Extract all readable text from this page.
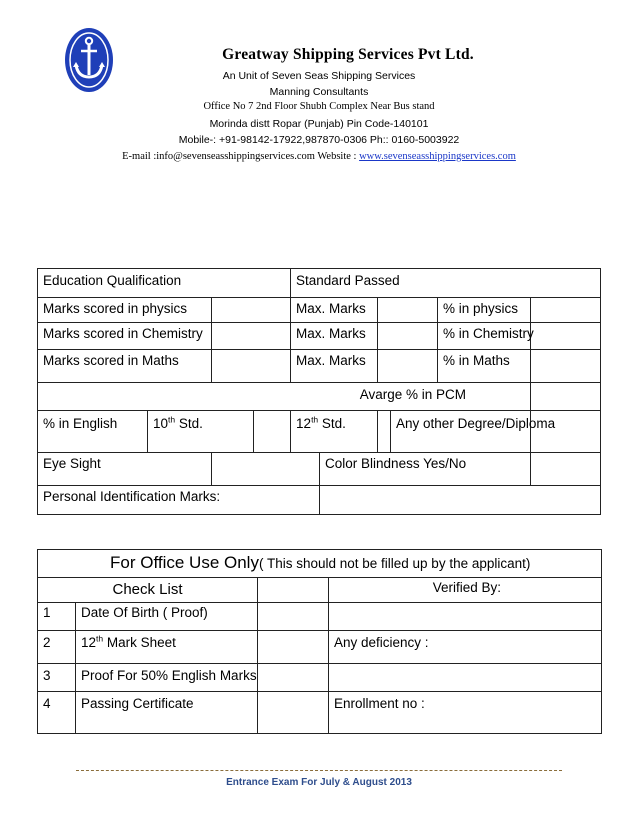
Greatway Shipping Services Pvt Ltd.
An Unit of Seven Seas Shipping Services
Manning Consultants
Office No 7 2nd Floor Shubh Complex Near Bus stand
Morinda distt Ropar (Punjab) Pin Code-140101
Mobile-: +91-98142-17922,987870-0306 Ph:: 0160-5003922
E-mail :info@sevenseasshippingservices.com Website : www.sevenseasshippingservices.com
Education Qualification				Standard Passed					
Marks scored in physics				Max. Marks				% in physics	
Marks scored in Chemistry				Max. Marks				% in Chemistry	
Marks scored in Maths				Max. Marks				% in Maths	
Avarge % in PCM									
% in English	10th Std.			12th Std.			Any other Degree/Diploma		
Eye Sight					Color Blindness Yes/No				
Personal Identification Marks:									
For Office Use Only( This should not be filled up by the applicant)			
Check List			Verified By:
1	Date Of Birth ( Proof)		
2	12th Mark Sheet		Any deficiency :
3	Proof For 50% English Marks		
4	Passing Certificate		Enrollment no :
Entrance Exam For July & August 2013
